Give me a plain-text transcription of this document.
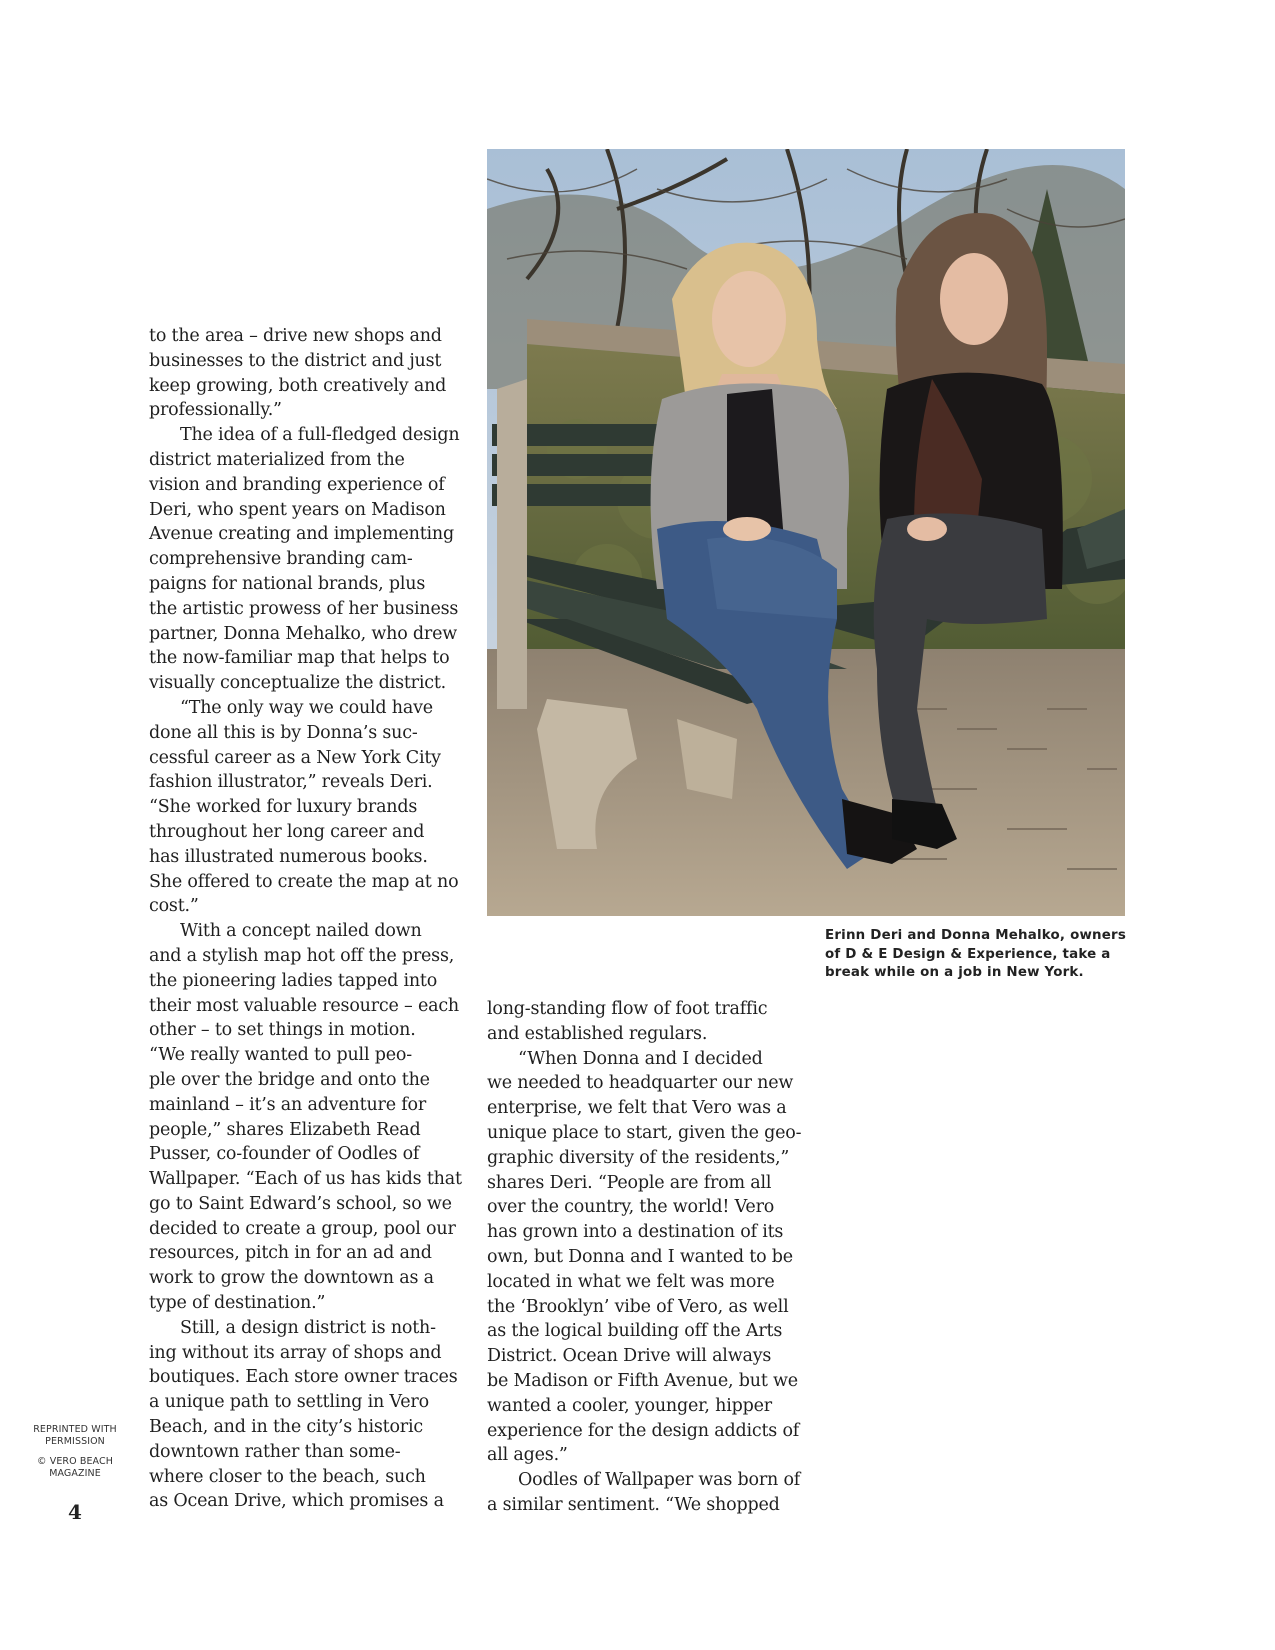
to the area – drive new shops and
businesses to the district and just
keep growing, both creatively and
professionally.”
The idea of a full-fledged design
district materialized from the
vision and branding experience of
Deri, who spent years on Madison
Avenue creating and implementing
comprehensive branding cam-
paigns for national brands, plus
the artistic prowess of her business
partner, Donna Mehalko, who drew
the now-familiar map that helps to
visually conceptualize the district.
“The only way we could have
done all this is by Donna’s suc-
cessful career as a New York City
fashion illustrator,” reveals Deri.
“She worked for luxury brands
throughout her long career and
has illustrated numerous books.
She offered to create the map at no
cost.”
With a concept nailed down
and a stylish map hot off the press,
the pioneering ladies tapped into
their most valuable resource – each
other – to set things in motion.
“We really wanted to pull peo-
ple over the bridge and onto the
mainland – it’s an adventure for
people,” shares Elizabeth Read
Pusser, co-founder of Oodles of
Wallpaper. “Each of us has kids that
go to Saint Edward’s school, so we
decided to create a group, pool our
resources, pitch in for an ad and
work to grow the downtown as a
type of destination.”
Still, a design district is noth-
ing without its array of shops and
boutiques. Each store owner traces
a unique path to settling in Vero
Beach, and in the city’s historic
downtown rather than some-
where closer to the beach, such
as Ocean Drive, which promises a
Erinn Deri and Donna Mehalko, owners
of D & E Design & Experience, take a
break while on a job in New York.
long-standing flow of foot traffic
and established regulars.
“When Donna and I decided
we needed to headquarter our new
enterprise, we felt that Vero was a
unique place to start, given the geo-
graphic diversity of the residents,”
shares Deri. “People are from all
over the country, the world! Vero
has grown into a destination of its
own, but Donna and I wanted to be
located in what we felt was more
the ‘Brooklyn’ vibe of Vero, as well
as the logical building off the Arts
District. Ocean Drive will always
be Madison or Fifth Avenue, but we
wanted a cooler, younger, hipper
experience for the design addicts of
all ages.”
Oodles of Wallpaper was born of
a similar sentiment. “We shopped
REPRINTED WITH
PERMISSION
© VERO BEACH
MAGAZINE
4
